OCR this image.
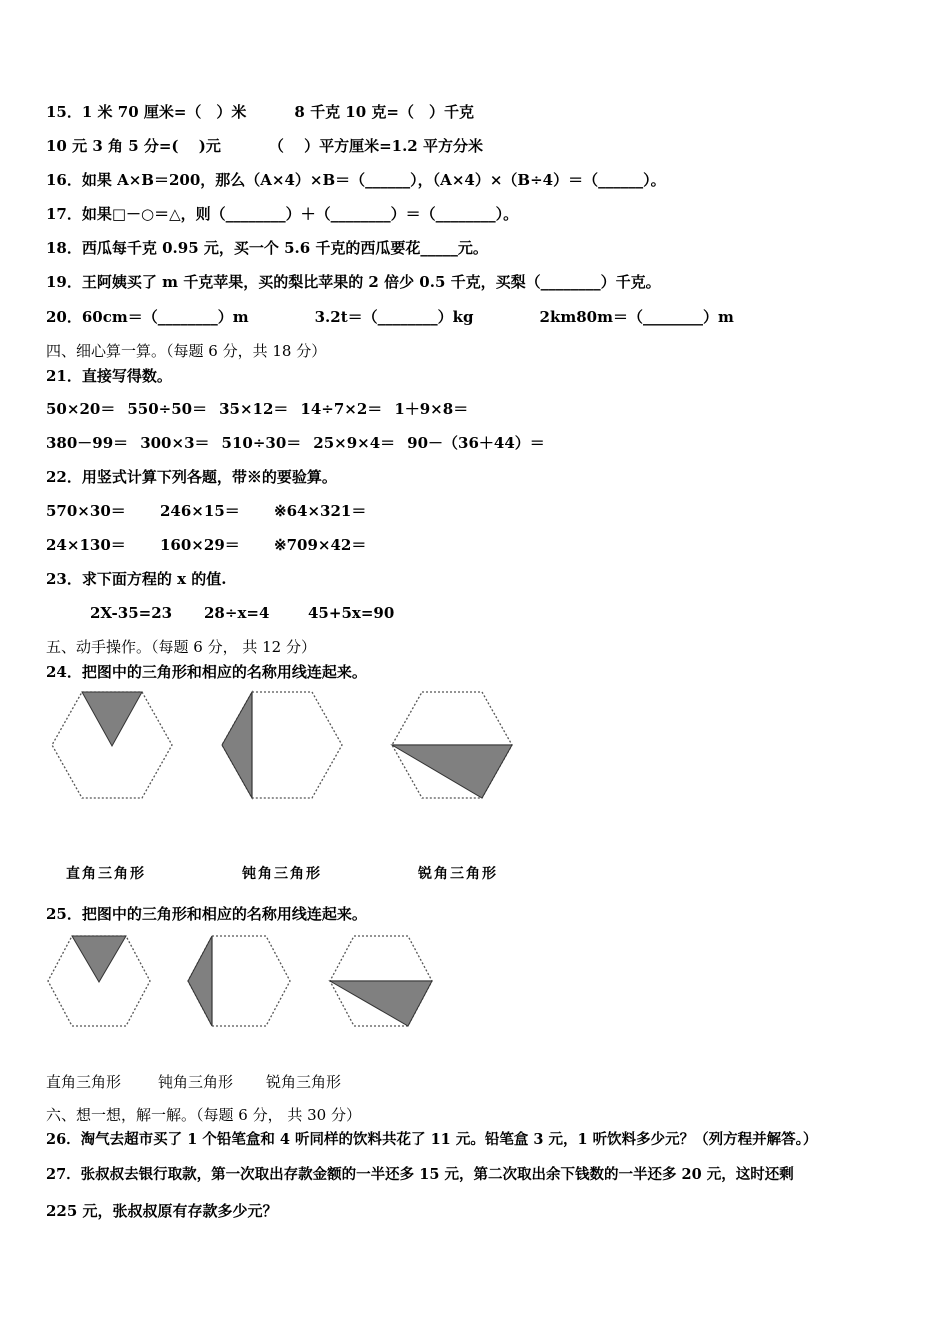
15．1 米 70 厘米=（　）米	8 千克 10 克=（　）千克
10 元 3 角 5 分=(　 )元	（　 ）平方厘米=1.2 平方分米
16．如果 A×B＝200，那么（A×4）×B＝（______），（A×4）×（B÷4）＝（______）。
17．如果□－○＝△，则（________）＋（________）＝（________）。
18．西瓜每千克 0.95 元，买一个 5.6 千克的西瓜要花_____元。
19．王阿姨买了 m 千克苹果，买的梨比苹果的 2 倍少 0.5 千克，买梨（________）千克。
20．60cm＝（________）m	3.2t＝（________）kg	2km80m＝（________）m
四、细心算一算。（每题 6 分，共 18 分）
21．直接写得数。
50×20＝ 550÷50＝ 35×12＝ 14÷7×2＝ 1＋9×8＝
380－99＝ 300×3＝ 510÷30＝ 25×9×4＝ 90－（36＋44）＝
22．用竖式计算下列各题，带※的要验算。
570×30＝ 246×15＝ ※64×321＝
24×130＝ 160×29＝ ※709×42＝
23．求下面方程的 x 的值.
2X-35=23 28÷x=4	45+5x=90
五、动手操作。（每题 6 分， 共 12 分）
24．把图中的三角形和相应的名称用线连起来。
直角三角形	钝角三角形	锐角三角形
25．把图中的三角形和相应的名称用线连起来。
直角三角形 钝角三角形 锐角三角形
六、想一想，解一解。（每题 6 分， 共 30 分）
26．淘气去超市买了 1 个铅笔盒和 4 听同样的饮料共花了 11 元。铅笔盒 3 元，1 听饮料多少元？（列方程并解答。）
27．张叔叔去银行取款，第一次取出存款金额的一半还多 15 元，第二次取出余下钱数的一半还多 20 元，这时还剩
225 元，张叔叔原有存款多少元？
